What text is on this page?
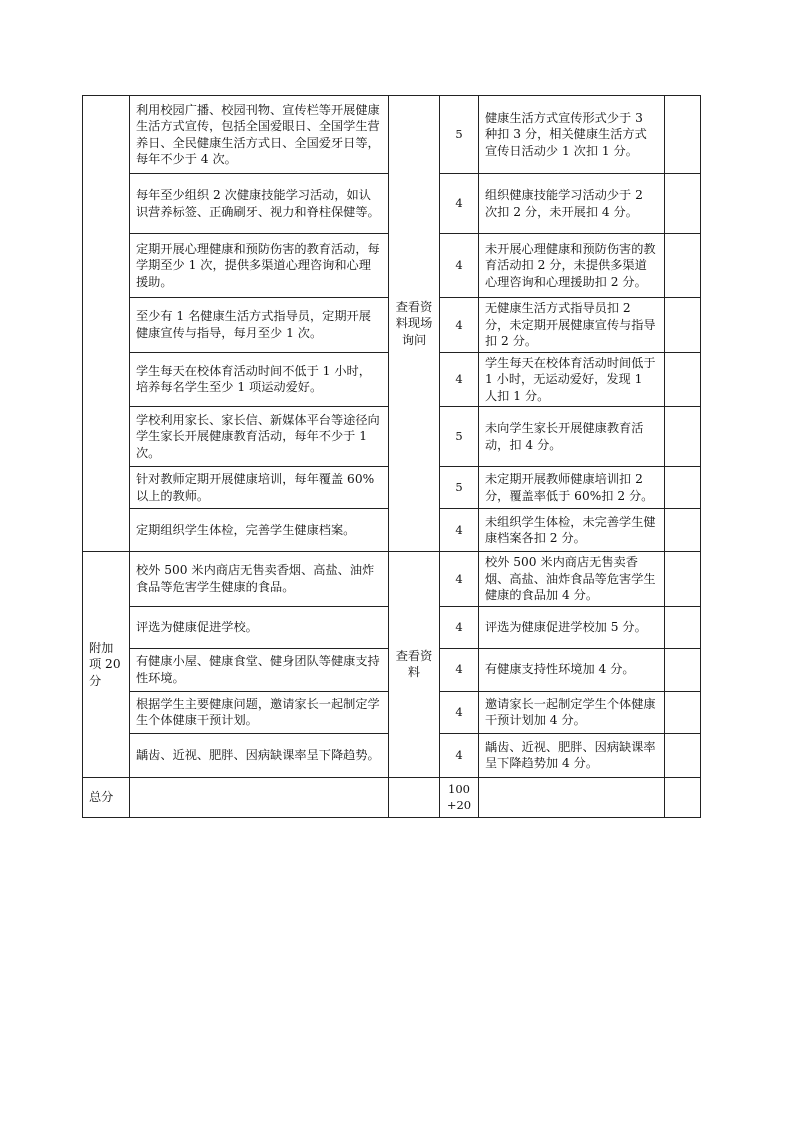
	利用校园广播、校园刊物、宣传栏等开展健康生活方式宣传，包括全国爱眼日、全国学生营养日、全民健康生活方式日、全国爱牙日等，每年不少于 4 次。	查看资料现场询问	5	健康生活方式宣传形式少于 3 种扣 3 分，相关健康生活方式宣传日活动少 1 次扣 1 分。	
	每年至少组织 2 次健康技能学习活动，如认识营养标签、正确刷牙、视力和脊柱保健等。		4	组织健康技能学习活动少于 2 次扣 2 分，未开展扣 4 分。	
	定期开展心理健康和预防伤害的教育活动，每学期至少 1 次，提供多渠道心理咨询和心理援助。		4	未开展心理健康和预防伤害的教育活动扣 2 分，未提供多渠道心理咨询和心理援助扣 2 分。	
	至少有 1 名健康生活方式指导员，定期开展健康宣传与指导，每月至少 1 次。		4	无健康生活方式指导员扣 2 分，未定期开展健康宣传与指导扣 2 分。	
	学生每天在校体育活动时间不低于 1 小时，培养每名学生至少 1 项运动爱好。		4	学生每天在校体育活动时间低于 1 小时，无运动爱好，发现 1 人扣 1 分。	
	学校利用家长、家长信、新媒体平台等途径向学生家长开展健康教育活动，每年不少于 1 次。		5	未向学生家长开展健康教育活动，扣 4 分。	
	针对教师定期开展健康培训，每年覆盖 60%以上的教师。		5	未定期开展教师健康培训扣 2 分，覆盖率低于 60%扣 2 分。	
	定期组织学生体检，完善学生健康档案。		4	未组织学生体检，未完善学生健康档案各扣 2 分。	
附加项 20 分	校外 500 米内商店无售卖香烟、高盐、油炸食品等危害学生健康的食品。	查看资料	4	校外 500 米内商店无售卖香烟、高盐、油炸食品等危害学生健康的食品加 4 分。	
	评选为健康促进学校。		4	评选为健康促进学校加 5 分。	
	有健康小屋、健康食堂、健身团队等健康支持性环境。		4	有健康支持性环境加 4 分。	
	根据学生主要健康问题，邀请家长一起制定学生个体健康干预计划。		4	邀请家长一起制定学生个体健康干预计划加 4 分。	
	龋齿、近视、肥胖、因病缺课率呈下降趋势。		4	龋齿、近视、肥胖、因病缺课率呈下降趋势加 4 分。	
总分			100
+20		
